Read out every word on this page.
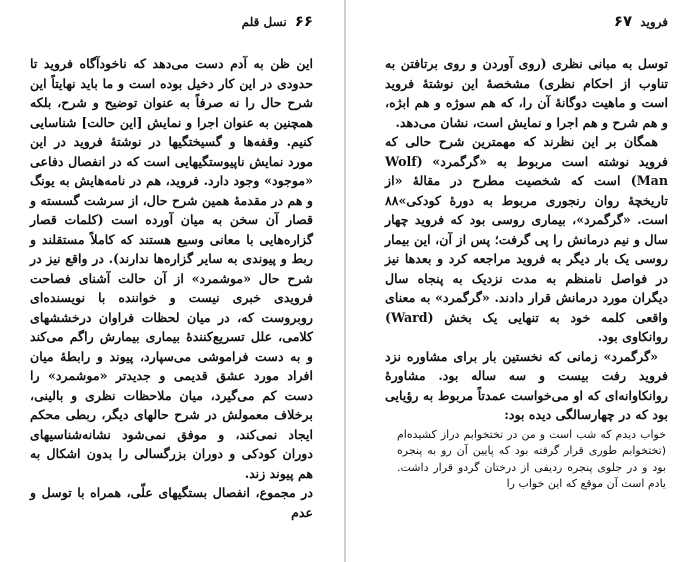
۶۶
نسل قلم

این ظن به آدم دست می‌دهد که ناخودآگاه فروید تا حدودی در این کار دخیل بوده است و ما باید نهایتاً این شرح حال را نه صرفاً به عنوان توضیح و شرح، بلکه همچنین به عنوان اجرا و نمایش [این حالت] شناسایی کنیم. وقفه‌ها و گسیختگیها در نوشتهٔ فروید در این مورد نمایش ناپیوستگیهایی است که در انفصال دفاعی «موجود» وجود دارد. فروید، هم در نامه‌هایش به یونگ و هم در مقدمهٔ همین شرح حال، از سرشت گسسته و قصار آن سخن به میان آورده است (کلمات قصار گزاره‌هایی با معانی وسیع هستند که کاملاً مستقلند و ربط و پیوندی به سایر گزاره‌ها ندارند). در واقع نیز در شرح حال «موشمرد» از آن حالت آشنای فصاحت فرویدی خبری نیست و خواننده با نویسنده‌ای روبروست که، در میان لحظات فراوان درخششهای کلامی، علل تسریع‌کنندهٔ بیماری بیمارش راگم می‌کند و به دست فراموشی می‌سپارد، پیوند و رابطهٔ میان افراد مورد عشق قدیمی و جدیدتر «موشمرد» را دست کم می‌گیرد، میان ملاحظات نظری و بالینی، برخلاف معمولش در شرح حالهای دیگر، ربطی محکم ایجاد نمی‌کند، و موفق نمی‌شود نشانه‌شناسیهای دوران کودکی و دوران بزرگسالی را بدون اشکال به هم پیوند زند.

در مجموع، انفصال بستگیهای علّی، همراه با توسل و عدم

۶۷ فروید

توسل به مبانی نظری (روی آوردن و روی برتافتن به تناوب از احکام نظری) مشخصهٔ این نوشتهٔ فروید است و ماهیت دوگانهٔ آن را، که هم سوژه و هم ابژه، و هم شرح و هم اجرا و نمایش است، نشان می‌دهد.

همگان بر این نظرند که مهمترین شرح حالی که فروید نوشته است مربوط به «گرگمرد» (Wolf Man) است که شخصیت مطرح در مقالهٔ «از تاریخچهٔ روان رنجوری مربوط به دورهٔ کودکی»۸۸ است. «گرگمرد»، بیماری روسی بود که فروید چهار سال و نیم درمانش را پی گرفت؛ پس از آن، این بیمار روسی یک بار دیگر به فروید مراجعه کرد و بعدها نیز در فواصل نامنظم به مدت نزدیک به پنجاه سال دیگران مورد درمانش قرار دادند. «گرگمرد» به معنای واقعی کلمه خود به تنهایی یک بخش (Ward) روانکاوی بود.

«گرگمرد» زمانی که نخستین بار برای مشاوره نزد فروید رفت بیست و سه ساله بود. مشاورهٔ روانکاوانه‌ای که او می‌خواست عمدتاً مربوط به رؤیایی بود که در چهارسالگی دیده بود:

خواب دیدم که شب است و من در تختخوابم دراز کشیده‌ام (تختخوابم طوری قرار گرفته بود که پایین آن رو به پنجره بود و در جلوی پنجره ردیفی از درختان گردو قرار داشت. یادم است آن موقع که این خواب را
